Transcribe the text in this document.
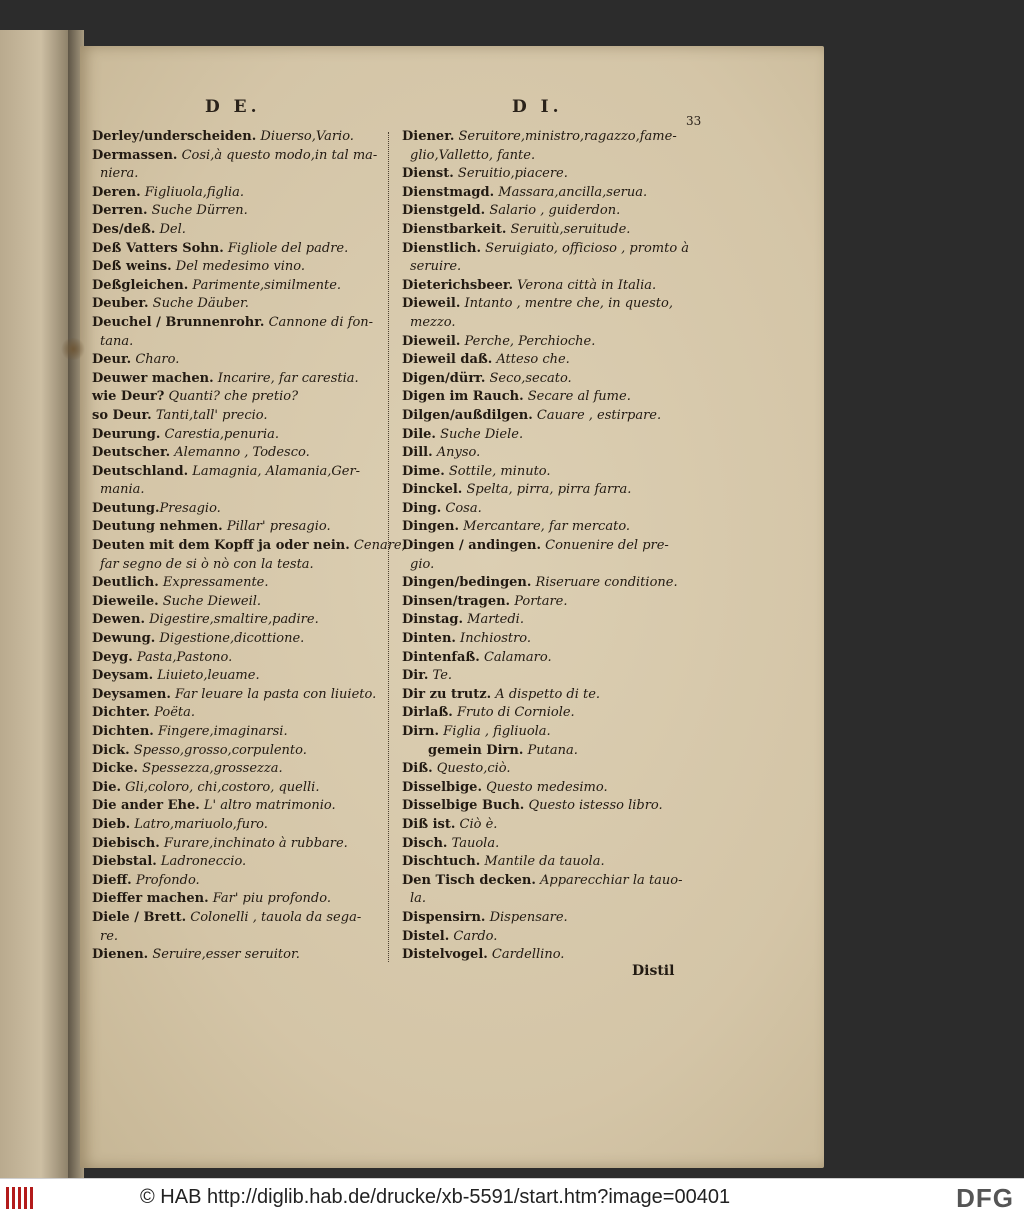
D E.	D I.
33
Derley/underscheiden. Diuerso,Vario.
Dermassen. Cosi,à questo modo,in tal ma-
niera.
Deren. Figliuola,figlia.
Derren. Suche Dürren.
Des/deß. Del.
Deß Vatters Sohn. Figliole del padre.
Deß weins. Del medesimo vino.
Deßgleichen. Parimente,similmente.
Deuber. Suche Däuber.
Deuchel / Brunnenrohr. Cannone di fon-
tana.
Deur. Charo.
Deuwer machen. Incarire, far carestia.
wie Deur? Quanti? che pretio?
so Deur. Tanti,tall' precio.
Deurung. Carestia,penuria.
Deutscher. Alemanno , Todesco.
Deutschland. Lamagnia, Alamania,Ger-
mania.
Deutung.Presagio.
Deutung nehmen. Pillar' presagio.
Deuten mit dem Kopff ja oder nein. Cenare,
far segno de si ò nò con la testa.
Deutlich. Expressamente.
Dieweile. Suche Dieweil.
Dewen. Digestire,smaltire,padire.
Dewung. Digestione,dicottione.
Deyg. Pasta,Pastono.
Deysam. Liuieto,leuame.
Deysamen. Far leuare la pasta con liuieto.
Dichter. Poëta.
Dichten. Fingere,imaginarsi.
Dick. Spesso,grosso,corpulento.
Dicke. Spessezza,grossezza.
Die. Gli,coloro, chi,costoro, quelli.
Die ander Ehe. L' altro matrimonio.
Dieb. Latro,mariuolo,furo.
Diebisch. Furare,inchinato à rubbare.
Diebstal. Ladroneccio.
Dieff. Profondo.
Dieffer machen. Far' piu profondo.
Diele / Brett. Colonelli , tauola da sega-
re.
Dienen. Seruire,esser seruitor.
Diener. Seruitore,ministro,ragazzo,fame-
glio,Valletto, fante.
Dienst. Seruitio,piacere.
Dienstmagd. Massara,ancilla,serua.
Dienstgeld. Salario , guiderdon.
Dienstbarkeit. Seruitù,seruitude.
Dienstlich. Seruigiato, officioso , promto à
seruire.
Dieterichsbeer. Verona città in Italia.
Dieweil. Intanto , mentre che, in questo,
mezzo.
Dieweil. Perche, Perchioche.
Dieweil daß. Atteso che.
Digen/dürr. Seco,secato.
Digen im Rauch. Secare al fume.
Dilgen/außdilgen. Cauare , estirpare.
Dile. Suche Diele.
Dill. Anyso.
Dime. Sottile, minuto.
Dinckel. Spelta, pirra, pirra farra.
Ding. Cosa.
Dingen. Mercantare, far mercato.
Dingen / andingen. Conuenire del pre-
gio.
Dingen/bedingen. Riseruare conditione.
Dinsen/tragen. Portare.
Dinstag. Martedi.
Dinten. Inchiostro.
Dintenfaß. Calamaro.
Dir. Te.
Dir zu trutz. A dispetto di te.
Dirlaß. Fruto di Corniole.
Dirn. Figlia , figliuola.
gemein Dirn. Putana.
Diß. Questo,ciò.
Disselbige. Questo medesimo.
Disselbige Buch. Questo istesso libro.
Diß ist. Ciò è.
Disch. Tauola.
Dischtuch. Mantile da tauola.
Den Tisch decken. Apparecchiar la tauo-
la.
Dispensirn. Dispensare.
Distel. Cardo.
Distelvogel. Cardellino.
Distil
© HAB http://diglib.hab.de/drucke/xb-5591/start.htm?image=00401	DFG
